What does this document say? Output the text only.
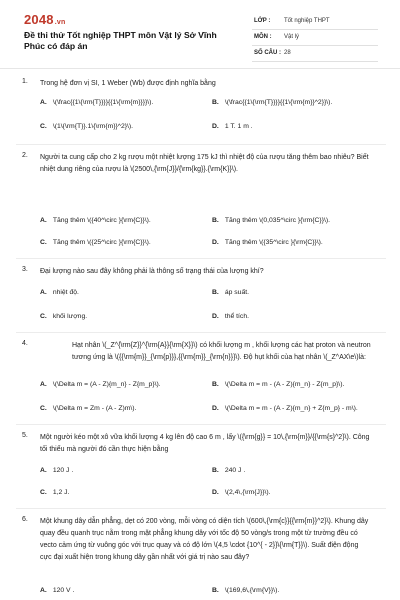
2048.vn
Đề thi thử Tốt nghiệp THPT môn Vật lý Sở Vĩnh Phúc có đáp án
LỚP : Tốt nghiệp THPT
MÔN : Vật lý
SỐ CÂU : 28
1. Trong hệ đơn vị SI, 1 Weber (Wb) được định nghĩa bằng
A. \(\frac{{1\{\rm{T}}}}{{1\{\rm{m}}}}\).	B. \(\frac{{1\{\rm{T}}}}{{1\{\rm{m}}^2}}\).
C. \(1\{\rm{T}}.1\{\rm{m}}^2}\).	D. 1 T. 1 m .
2. Người ta cung cấp cho 2 kg rượu một nhiệt lượng 175 kJ thì nhiệt độ của rượu tăng thêm bao nhiêu? Biết nhiệt dung riêng của rượu là \(2500\,{\rm{J}}/{\rm{kg}}.{\rm{K}}\).
A. Tăng thêm \({40^\circ }{\rm{C}}\).	B. Tăng thêm \(0,035^\circ }{\rm{C}}\).
C. Tăng thêm \({25^\circ }{\rm{C}}\).	D. Tăng thêm \({35^\circ }{\rm{C}}\).
3. Đại lượng nào sau đây không phải là thông số trạng thái của lượng khí?
A. nhiệt độ.	B. áp suất.
C. khối lượng.	D. thể tích.
4.	Hạt nhân \(_Z^{\rm{Z}}^{\rm{A}}{\rm{X}}\) có khối lượng m , khối lượng các hạt proton và neutron tương ứng là \({{\rm{m}}_{\rm{p}}},{{\rm{m}}_{\rm{n}}}\). Độ hụt khối của hạt nhân \(_Z^AX\e\)là:
A. \(\Delta m = (A - Z){m_n} - Z{m_p}\).	B. \(\Delta m = m - (A - Z){m_n} - Z{m_p}\).
C. \(\Delta m = Zm - (A - Z)m\).	D. \(\Delta m = m - (A - Z){m_n} + Z{m_p} - m\).
5. Một người kéo một xô vữa khối lượng 4 kg lên độ cao 6 m , lấy \({\rm{g}} = 10\,{\rm{m}}/{{\rm{s}^2}\). Công tối thiểu mà người đó cần thực hiện bằng
A. 120 J .	B. 240 J .
C. 1,2 J.	D. \(2,4\,{\rm{J}}\).
6. Một khung dây dẫn phẳng, dẹt có 200 vòng, mỗi vòng có diện tích \(600\,{\rm{c}}{{\rm{m}}^2}\). Khung dây quay đều quanh trục nằm trong mặt phẳng khung dây với tốc độ 50 vòng/s trong một từ trường đều có vecto cảm ứng từ vuông góc với trục quay và có độ lớn \(4,5 \cdot {10^{ - 2}}\{\rm{T}}\). Suất điện động cực đại xuất hiện trong khung dây gần nhất với giá trị nào sau đây?
A. 120 V .	B. \(169,6\,{\rm{V}}\).
